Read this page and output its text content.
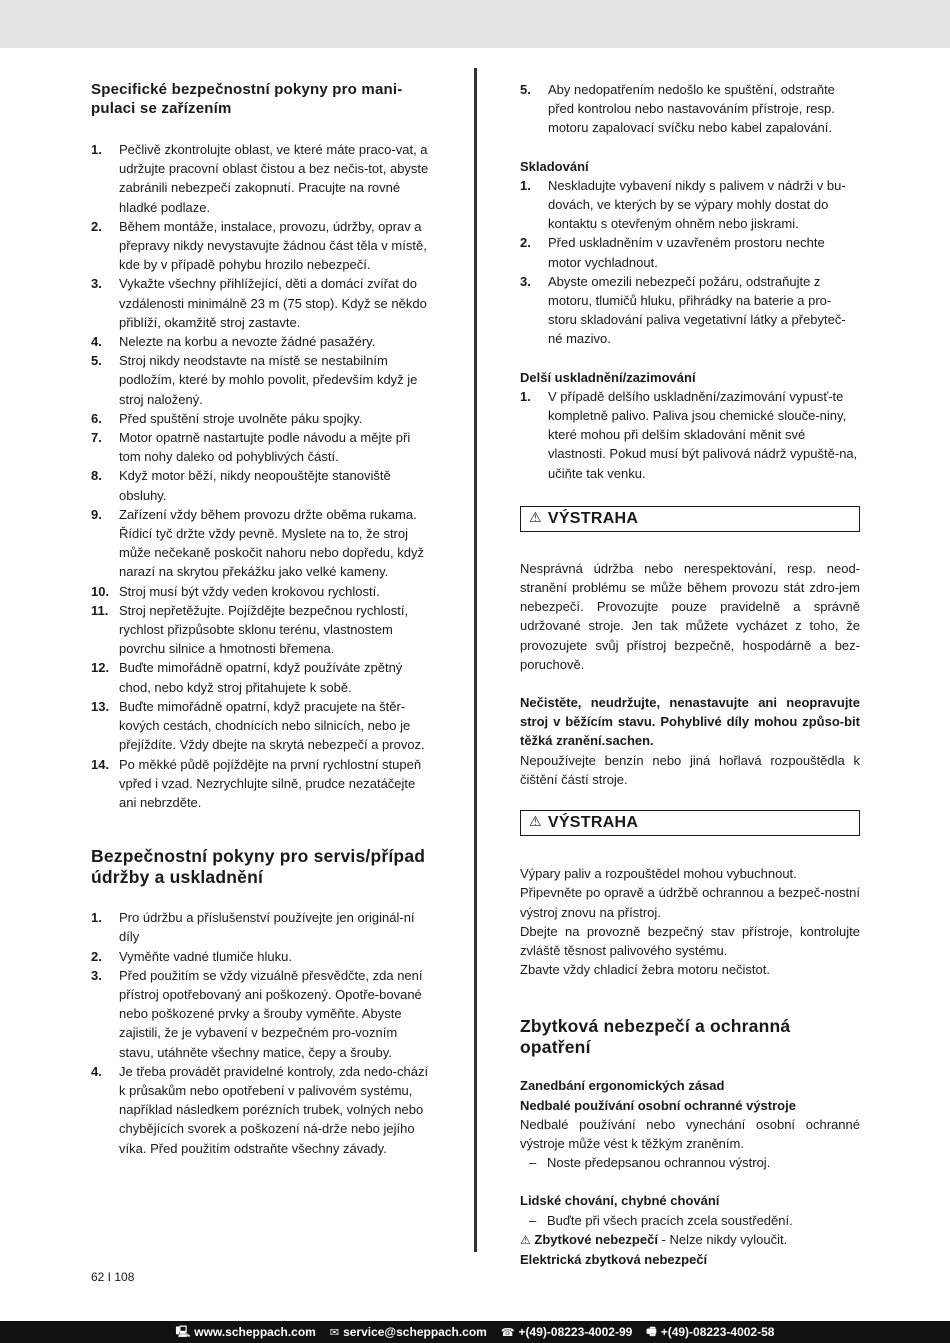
Specifické bezpečnostní pokyny pro mani-pulaci se zařízením
1. Pečlivě zkontrolujte oblast, ve které máte praco-vat, a udržujte pracovní oblast čistou a bez nečis-tot, abyste zabránili nebezpečí zakopnutí. Pracujte na rovné hladké podlaze.
2. Během montáže, instalace, provozu, údržby, oprav a přepravy nikdy nevystavujte žádnou část těla v místě, kde by v případě pohybu hrozilo nebezpečí.
3. Vykažte všechny přihlížející, děti a domácí zvířat do vzdálenosti minimálně 23 m (75 stop). Když se někdo přiblíží, okamžitě stroj zastavte.
4. Nelezte na korbu a nevozte žádné pasažéry.
5. Stroj nikdy neodstavte na místě se nestabilním podložím, které by mohlo povolit, především když je stroj naložený.
6. Před spuštění stroje uvolněte páku spojky.
7. Motor opatrně nastartujte podle návodu a mějte při tom nohy daleko od pohyblivých částí.
8. Když motor běží, nikdy neopouštějte stanoviště obsluhy.
9. Zařízení vždy během provozu držte oběma rukama. Řídicí tyč držte vždy pevně. Myslete na to, že stroj může nečekaně poskočit nahoru nebo dopředu, když narazí na skrytou překážku jako velké kameny.
10. Stroj musí být vždy veden krokovou rychlostí.
11. Stroj nepřetěžujte. Pojíždějte bezpečnou rychlostí, rychlost přizpůsobte sklonu terénu, vlastnostem povrchu silnice a hmotnosti břemena.
12. Buďte mimořádně opatrní, když používáte zpětný chod, nebo když stroj přitahujete k sobě.
13. Buďte mimořádně opatrní, když pracujete na štěr-kových cestách, chodnících nebo silnicích, nebo je přejíždíte. Vždy dbejte na skrytá nebezpečí a provoz.
14. Po měkké půdě pojíždějte na první rychlostní stupeň vpřed i vzad. Nezrychlujte silně, prudce nezatáčejte ani nebrzděte.
Bezpečnostní pokyny pro servis/případ údržby a uskladnění
1. Pro údržbu a příslušenství používejte jen originál-ní díly
2. Vyměňte vadné tlumiče hluku.
3. Před použitím se vždy vizuálně přesvědčte, zda není přístroj opotřebovaný ani poškozený. Opotře-bované nebo poškozené prvky a šrouby vyměňte. Abyste zajistili, že je vybavení v bezpečném pro-vozním stavu, utáhněte všechny matice, čepy a šrouby.
4. Je třeba provádět pravidelné kontroly, zda nedo-chází k průsakům nebo opotřebení v palivovém systému, například následkem porézních trubek, volných nebo chybějících svorek a poškození ná-drže nebo jejího víka. Před použitím odstraňte všechny závady.
5. Aby nedopatřením nedošlo ke spuštění, odstraňte před kontrolou nebo nastavováním přístroje, resp. motoru zapalovací svíčku nebo kabel zapalování.
Skladování
1. Neskladujte vybavení nikdy s palivem v nádrži v bu-dovách, ve kterých by se výpary mohly dostat do kontaktu s otevřeným ohněm nebo jiskrami.
2. Před uskladněním v uzavřeném prostoru nechte motor vychladnout.
3. Abyste omezili nebezpečí požáru, odstraňujte z motoru, tlumičů hluku, přihrádky na baterie a pro-storu skladování paliva vegetativní látky a přebyteč-né mazivo.
Delší uskladnění/zazimování
1. V případě delšího uskladnění/zazimování vypusť-te kompletně palivo. Paliva jsou chemické slouče-niny, které mohou při delším skladování měnit své vlastnosti. Pokud musí být palivová nádrž vypuště-na, učiňte tak venku.
⚠ VÝSTRAHA

Nesprávná údržba nebo nerespektování, resp. neod-stranění problému se může během provozu stát zdro-jem nebezpečí. Provozujte pouze pravidelně a správně udržované stroje. Jen tak můžete vycházet z toho, že provozujete svůj přístroj bezpečně, hospodárně a bez-poruchově.

Nečistěte, neudržujte, nenastavujte ani neopravujte stroj v běžícím stavu. Pohyblivé díly mohou způso-bit těžká zranění.sachen.

Nepoužívejte benzín nebo jiná hořlavá rozpouštědla k čištění částí stroje.

⚠ VÝSTRAHA

Výpary paliv a rozpouštědel mohou vybuchnout.

Připevněte po opravě a údržbě ochrannou a bezpeč-nostní výstroj znovu na přístroj.

Dbejte na provozně bezpečný stav přístroje, kontrolujte zvláště těsnost palivového systému.

Zbavte vždy chladicí žebra motoru nečistot.

Zbytková nebezpečí a ochranná opatření
Zanedbání ergonomických zásad
Nedbalé používání osobní ochranné výstroje

Nedbalé používání nebo vynechání osobní ochranné výstroje může vést k těžkým zraněním.

– Noste předepsanou ochrannou výstroj.
Lidské chování, chybné chování
– Buďte při všech pracích zcela soustředění.
⚠ Zbytkové nebezpečí - Nelze nikdy vyloučit.
Elektrická zbytková nebezpečí
62 I 108
🖳 www.scheppach.com ✉ service@scheppach.com ☎ +(49)-08223-4002-99 🖷 +(49)-08223-4002-58
